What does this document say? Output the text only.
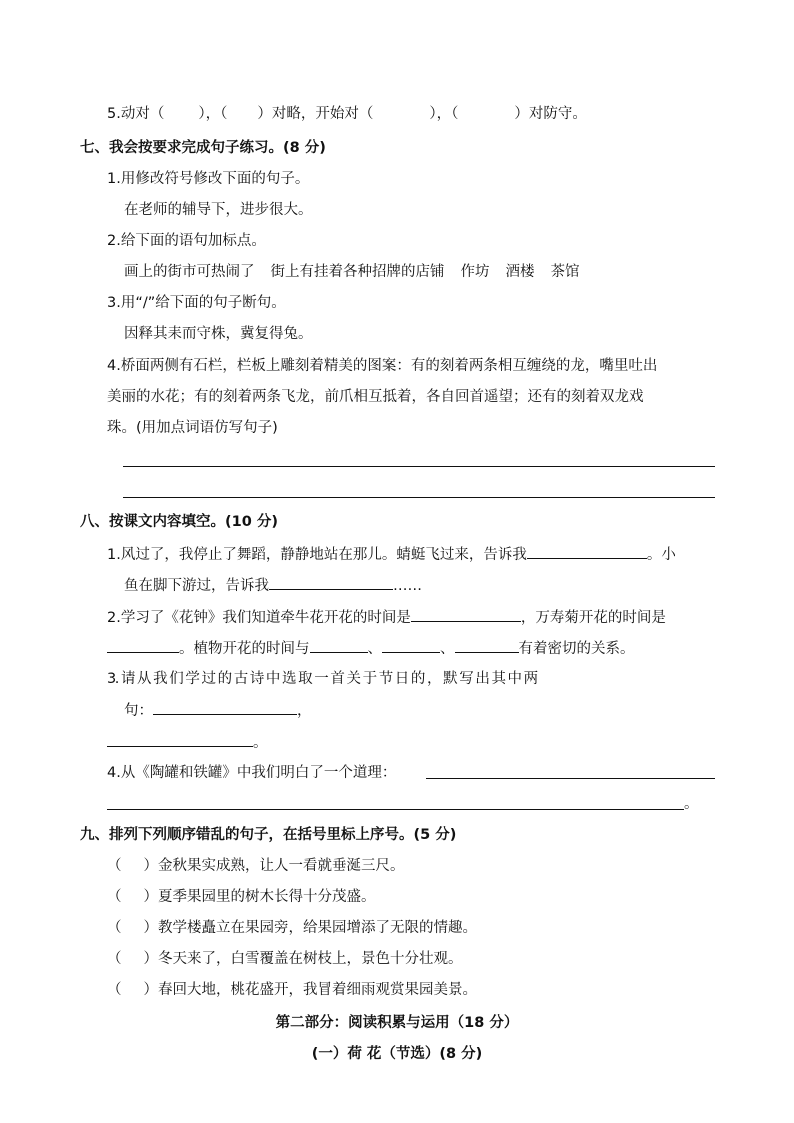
5.动对（ ），（ ）对略，开始对（	），（	）对防守。
七、我会按要求完成句子练习。(8 分)
1.用修改符号修改下面的句子。
在老师的辅导下，进步很大。
2.给下面的语句加标点。
画上的街市可热闹了 街上有挂着各种招牌的店铺 作坊 酒楼 茶馆
3.用“/”给下面的句子断句。
因释其耒而守株，冀复得兔。
4.桥面两侧有石栏，栏板上雕刻着精美的图案：有的刻着两条相互缠绕的龙，嘴里吐出
美丽的水花；有的刻着两条飞龙，前爪相互抵着，各自回首遥望；还有的刻着双龙戏
珠。(用加点词语仿写句子)
八、按课文内容填空。(10 分)
1.风过了，我停止了舞蹈，静静地站在那儿。蜻蜓飞过来，告诉我	。小
鱼在脚下游过，告诉我	……
2.学习了《花钟》我们知道牵牛花开花的时间是	，万寿菊开花的时间是
。植物开花的时间与	、	、	有着密切的关系。
3. 请 从 我 们 学 过 的 古 诗 中 选 取 一 首 关 于 节 日 的 ， 默 写 出 其 中 两
句：	，
。
4.从《陶罐和铁罐》中我们明白了一个道理：
。
九、排列下列顺序错乱的句子，在括号里标上序号。(5 分)
（ ）金秋果实成熟，让人一看就垂涎三尺。
（ ）夏季果园里的树木长得十分茂盛。
（ ）教学楼矗立在果园旁，给果园增添了无限的情趣。
（ ）冬天来了，白雪覆盖在树枝上，景色十分壮观。
（ ）春回大地，桃花盛开，我冒着细雨观赏果园美景。
第二部分：阅读积累与运用（18 分）
(一）荷 花（节选）(8 分)
